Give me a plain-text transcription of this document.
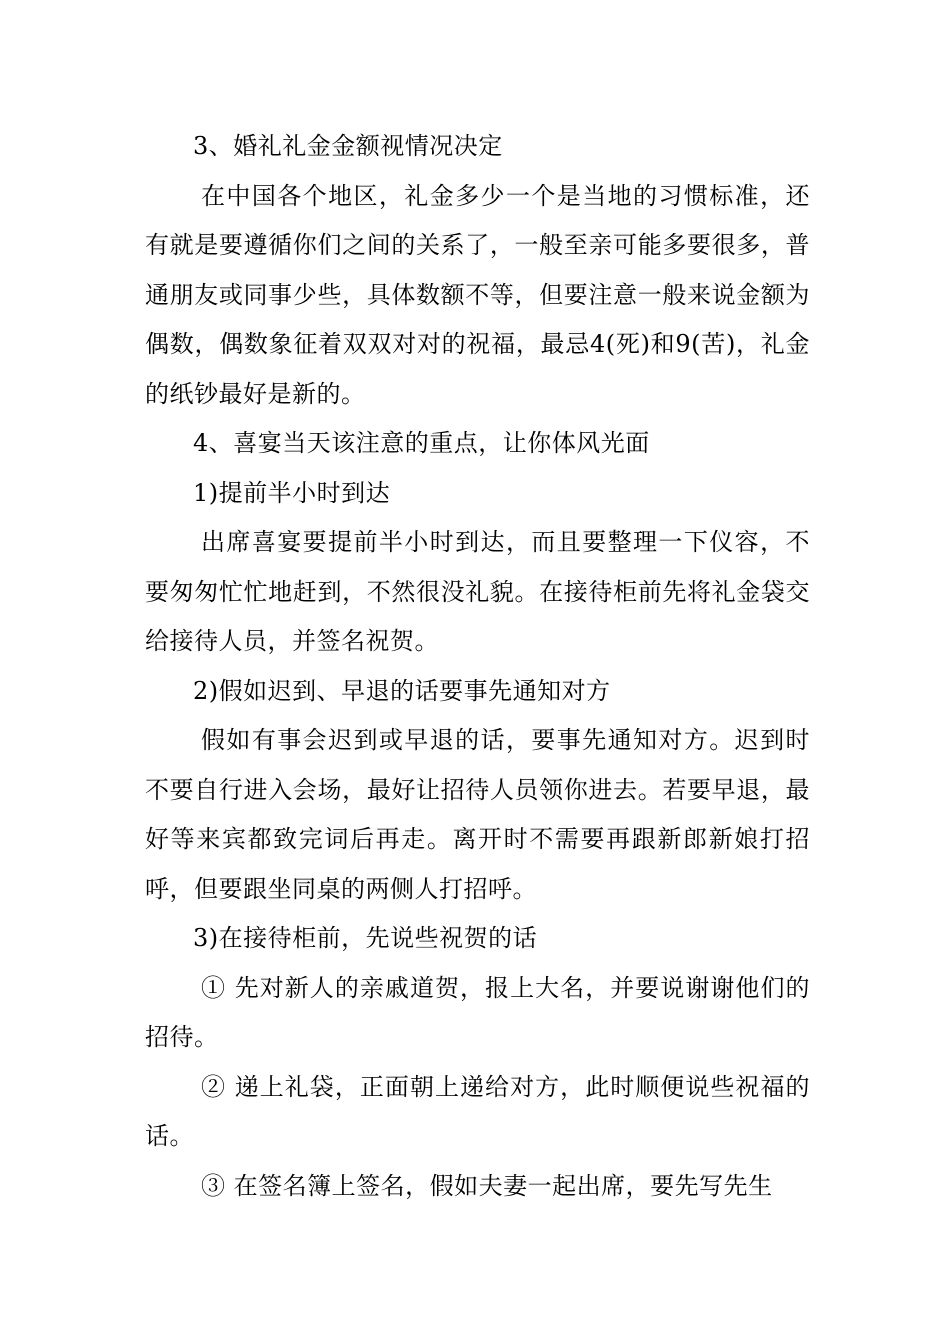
3、婚礼礼金金额视情况决定

在中国各个地区，礼金多少一个是当地的习惯标准，还有就是要遵循你们之间的关系了，一般至亲可能多要很多，普通朋友或同事少些，具体数额不等，但要注意一般来说金额为偶数，偶数象征着双双对对的祝福，最忌4(死)和9(苦)，礼金的纸钞最好是新的。

4、喜宴当天该注意的重点，让你体风光面

1)提前半小时到达

出席喜宴要提前半小时到达，而且要整理一下仪容，不要匆匆忙忙地赶到，不然很没礼貌。在接待柜前先将礼金袋交给接待人员，并签名祝贺。

2)假如迟到、早退的话要事先通知对方

假如有事会迟到或早退的话，要事先通知对方。迟到时不要自行进入会场，最好让招待人员领你进去。若要早退，最好等来宾都致完词后再走。离开时不需要再跟新郎新娘打招呼，但要跟坐同桌的两侧人打招呼。

3)在接待柜前，先说些祝贺的话

① 先对新人的亲戚道贺，报上大名，并要说谢谢他们的招待。

② 递上礼袋，正面朝上递给对方，此时顺便说些祝福的话。

③ 在签名簿上签名，假如夫妻一起出席，要先写先生
